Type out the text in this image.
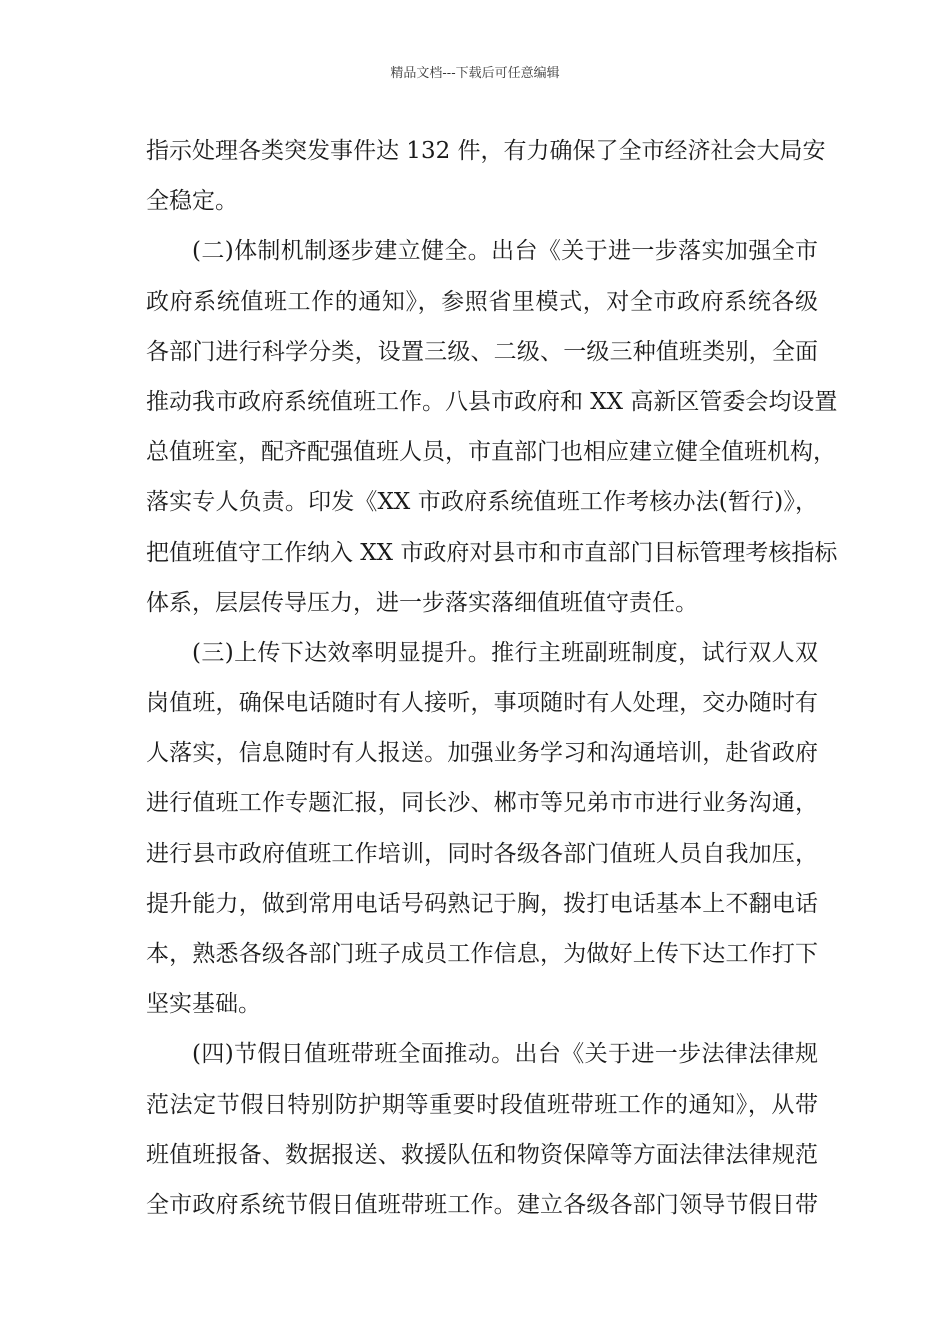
精品文档---下载后可任意编辑
指示处理各类突发事件达 132 件，有力确保了全市经济社会大局安
全稳定。
(二)体制机制逐步建立健全。出台《关于进一步落实加强全市
政府系统值班工作的通知》，参照省里模式，对全市政府系统各级
各部门进行科学分类，设置三级、二级、一级三种值班类别，全面
推动我市政府系统值班工作。八县市政府和 XX 高新区管委会均设置
总值班室，配齐配强值班人员，市直部门也相应建立健全值班机构，
落实专人负责。印发《XX 市政府系统值班工作考核办法(暂行)》，
把值班值守工作纳入 XX 市政府对县市和市直部门目标管理考核指标
体系，层层传导压力，进一步落实落细值班值守责任。
(三)上传下达效率明显提升。推行主班副班制度，试行双人双
岗值班，确保电话随时有人接听，事项随时有人处理，交办随时有
人落实，信息随时有人报送。加强业务学习和沟通培训，赴省政府
进行值班工作专题汇报，同长沙、郴市等兄弟市市进行业务沟通，
进行县市政府值班工作培训，同时各级各部门值班人员自我加压，
提升能力，做到常用电话号码熟记于胸，拨打电话基本上不翻电话
本，熟悉各级各部门班子成员工作信息，为做好上传下达工作打下
坚实基础。
(四)节假日值班带班全面推动。出台《关于进一步法律法律规
范法定节假日特别防护期等重要时段值班带班工作的通知》，从带
班值班报备、数据报送、救援队伍和物资保障等方面法律法律规范
全市政府系统节假日值班带班工作。建立各级各部门领导节假日带
